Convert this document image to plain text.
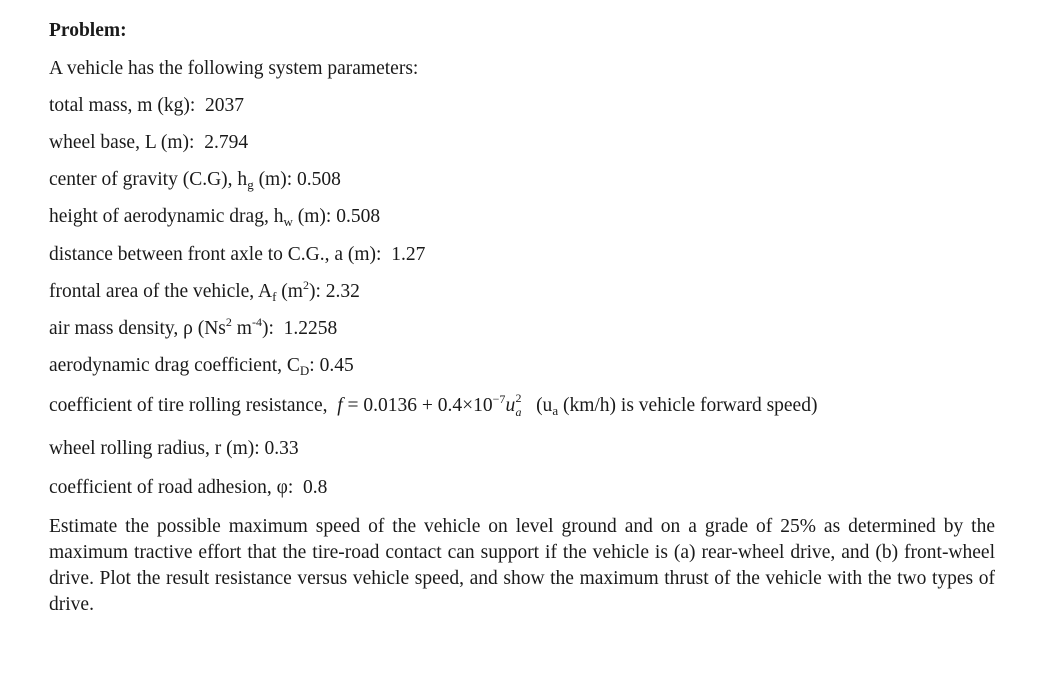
Problem:
A vehicle has the following system parameters:
total mass, m (kg): 2037
wheel base, L (m): 2.794
center of gravity (C.G), $h_g$ (m): 0.508
height of aerodynamic drag, $h_w$ (m): 0.508
distance between front axle to C.G., a (m): 1.27
frontal area of the vehicle, $A_f$ $(m^2)$: 2.32
air mass density, ρ (Ns$^2$ $m^{-4}$): 1.2258
aerodynamic drag coefficient, $C_D$: 0.45
coefficient of tire rolling resistance, $f = 0.0136 + 0.4\times 10^{-7}u$ 2
a ($u_a$ (km/h) is vehicle forward speed)
wheel rolling radius, r (m): 0.33
coefficient of road adhesion, φ: 0.8
Estimate the possible maximum speed of the vehicle on level ground and on a grade of 25% as determined by the maximum tractive effort that the tire-road contact can support if the vehicle is (a) rear-wheel drive, and (b) front-wheel drive. Plot the result resistance versus vehicle speed, and show the maximum thrust of the vehicle with the two types of drive.
